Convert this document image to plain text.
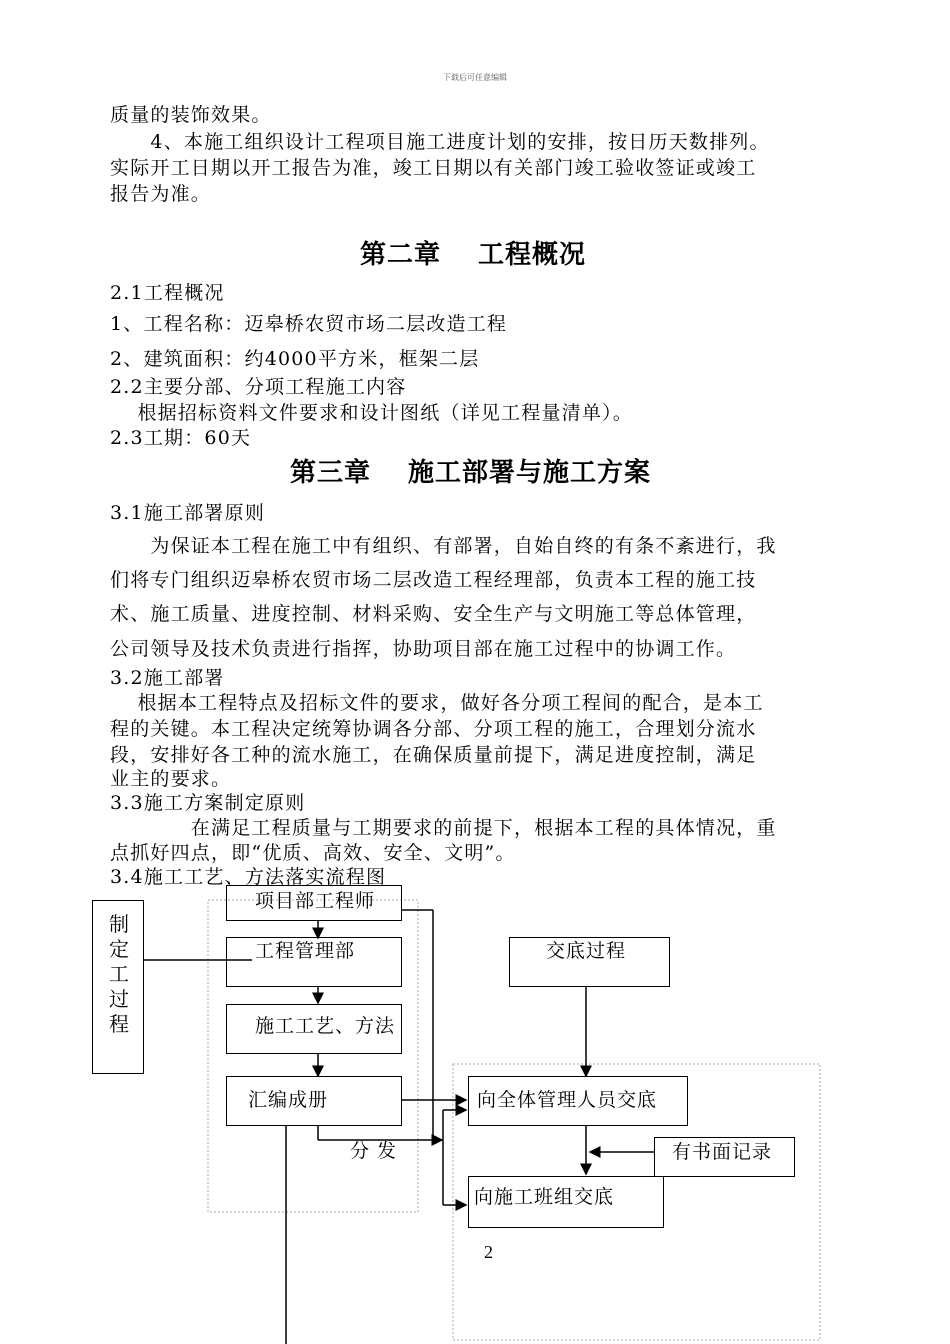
下载后可任意编辑

质量的装饰效果。

　　4、本施工组织设计工程项目施工进度计划的安排，按日历天数排列。

实际开工日期以开工报告为准，竣工日期以有关部门竣工验收签证或竣工

报告为准。

第二章　 工程概况

2.1工程概况

1、工程名称：迈皋桥农贸市场二层改造工程

2、建筑面积：约4000平方米，框架二层

2.2主要分部、分项工程施工内容

　 根据招标资料文件要求和设计图纸（详见工程量清单）。

2.3工期：60天

第三章　 施工部署与施工方案

3.1施工部署原则

　　为保证本工程在施工中有组织、有部署，自始自终的有条不紊进行，我

们将专门组织迈皋桥农贸市场二层改造工程经理部，负责本工程的施工技

术、施工质量、进度控制、材料采购、安全生产与文明施工等总体管理，

公司领导及技术负责进行指挥，协助项目部在施工过程中的协调工作。

3.2施工部署

　 根据本工程特点及招标文件的要求，做好各分项工程间的配合，是本工

程的关键。本工程决定统筹协调各分部、分项工程的施工，合理划分流水

段，安排好各工种的流水施工，在确保质量前提下，满足进度控制，满足

业主的要求。

3.3施工方案制定原则

　　　　在满足工程质量与工期要求的前提下，根据本工程的具体情况，重

点抓好四点，即“优质、高效、安全、文明”。

3.4施工工艺、方法落实流程图

制定工过程

项目部工程师

工程管理部

施工工艺、方法

汇编成册

分 发

交底过程

向全体管理人员交底

有书面记录

向施工班组交底

2
